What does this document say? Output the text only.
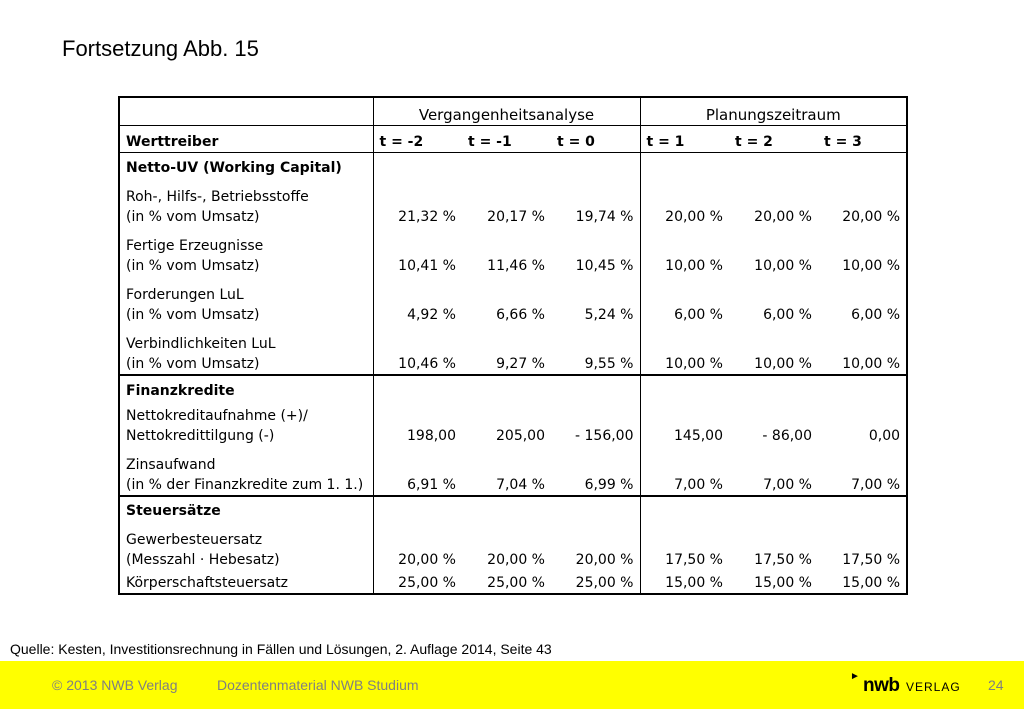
Fortsetzung Abb. 15
	Vergangenheitsanalyse			Planungszeitraum		
Werttreiber	t = -2	t = -1	t = 0	t = 1	t = 2	t = 3
Netto-UV (Working Capital)						

Roh-, Hilfs-, Betriebsstoffe
(in % vom Umsatz)	21,32 %	20,17 %	19,74 %	20,00 %	20,00 %	20,00 %

Fertige Erzeugnisse
(in % vom Umsatz)	10,41 %	11,46 %	10,45 %	10,00 %	10,00 %	10,00 %

Forderungen LuL
(in % vom Umsatz)	4,92 %	6,66 %	5,24 %	6,00 %	6,00 %	6,00 %

Verbindlichkeiten LuL
(in % vom Umsatz)	10,46 %	9,27 %	9,55 %	10,00 %	10,00 %	10,00 %
Finanzkredite						

Nettokreditaufnahme (+)/
Nettokredittilgung (-)	198,00	205,00	- 156,00	145,00	- 86,00	0,00

Zinsaufwand
(in % der Finanzkredite zum 1. 1.)	6,91 %	7,04 %	6,99 %	7,00 %	7,00 %	7,00 %
Steuersätze						

Gewerbesteuersatz
(Messzahl · Hebesatz)	20,00 %	20,00 %	20,00 %	17,50 %	17,50 %	17,50 %

Körperschaftsteuersatz	25,00 %	25,00 %	25,00 %	15,00 %	15,00 %	15,00 %
Quelle: Kesten, Investitionsrechnung in Fällen und Lösungen, 2. Auflage 2014, Seite 43
© 2013 NWB Verlag	Dozentenmaterial NWB Studium
► nwb VERLAG 24
